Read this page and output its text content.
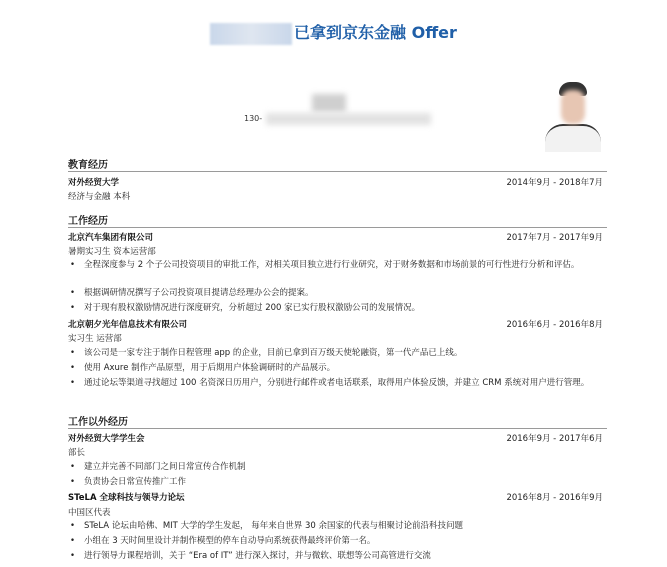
已拿到京东金融 Offer
130-
教育经历
对外经贸大学	2014年9月 - 2018年7月
经济与金融 本科
工作经历
北京汽车集团有限公司	2017年7月 - 2017年9月
暑期实习生 资本运营部
• 全程深度参与 2 个子公司投资项目的审批工作，对相关项目独立进行行业研究，对于财务数据和市场前景的可行性进行分析和评估。
• 根据调研情况撰写子公司投资项目提请总经理办公会的提案。
• 对于现有股权激励情况进行深度研究，分析超过 200 家已实行股权激励公司的发展情况。
北京朝夕光年信息技术有限公司	2016年6月 - 2016年8月
实习生 运营部
• 该公司是一家专注于制作日程管理 app 的企业，目前已拿到百万级天使轮融资，第一代产品已上线。
• 使用 Axure 制作产品原型，用于后期用户体验调研时的产品展示。
• 通过论坛等渠道寻找超过 100 名资深日历用户，分别进行邮件或者电话联系，取得用户体验反馈，并建立 CRM 系统对用户进行管理。
工作以外经历
对外经贸大学学生会	2016年9月 - 2017年6月
部长
• 建立并完善不同部门之间日常宣传合作机制
• 负责协会日常宣传推广工作
STeLA 全球科技与领导力论坛	2016年8月 - 2016年9月
中国区代表
• STeLA 论坛由哈佛、MIT 大学的学生发起， 每年来自世界 30 余国家的代表与相聚讨论前沿科技问题
• 小组在 3 天时间里设计并制作模型的停车自动导向系统获得最终评价第一名。
• 进行领导力课程培训，关于 “Era of IT” 进行深入探讨，并与微软、联想等公司高管进行交流
